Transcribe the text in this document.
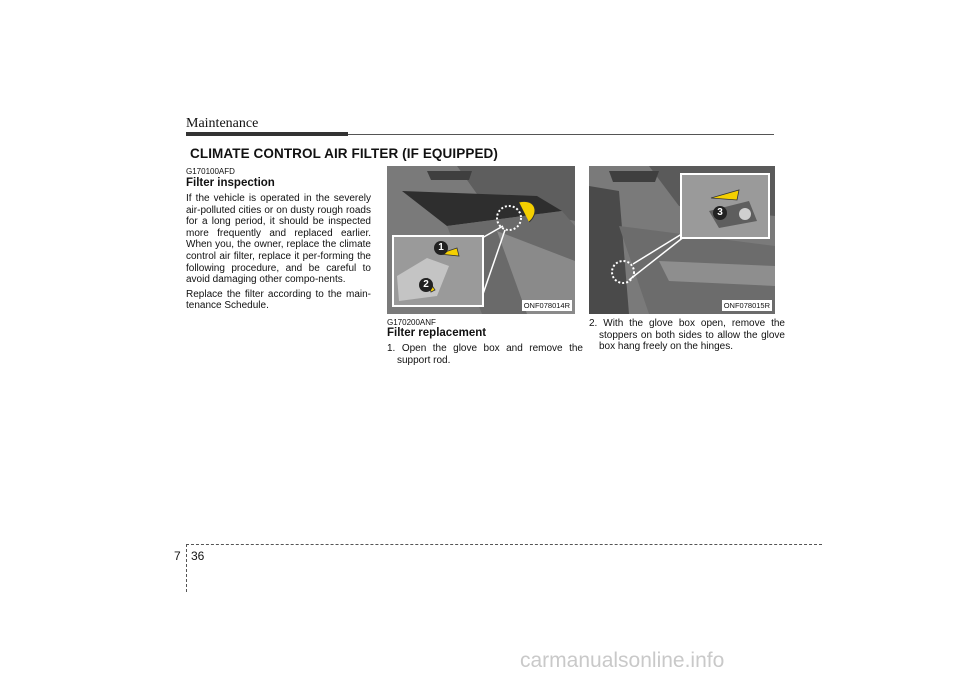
Maintenance
CLIMATE CONTROL AIR FILTER (IF EQUIPPED)
G170100AFD
Filter inspection

If the vehicle is operated in the severely air-polluted cities or on dusty rough roads for a long period, it should be inspected more frequently and replaced earlier. When you, the owner, replace the climate control air filter, replace it per-forming the following procedure, and be careful to avoid damaging other compo-nents.

Replace the filter according to the main-tenance Schedule.

1
2
ONF078014R
3
ONF078015R
G170200ANF
Filter replacement
1. Open the glove box and remove the support rod.
2. With the glove box open, remove the stoppers on both sides to allow the glove box hang freely on the hinges.
7 36
carmanualsonline.info
